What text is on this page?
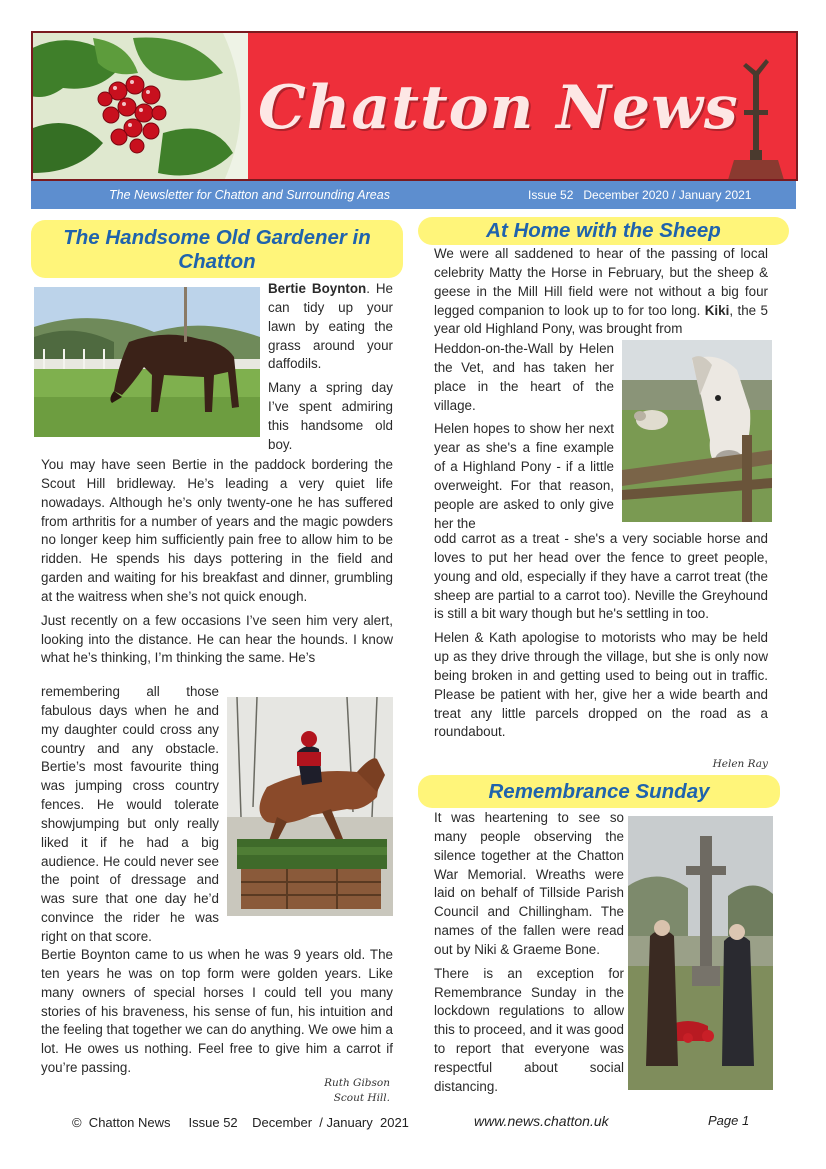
Chatton News
The Newsletter for Chatton and Surrounding Areas	Issue 52   December 2020 / January 2021
The Handsome Old Gardener in Chatton

Bertie Boynton. He can tidy up your lawn by eating the grass around your daffodils.

Many a spring day I’ve spent admiring this handsome old boy.

You may have seen Bertie in the paddock bordering the Scout Hill bridleway. He’s leading a very quiet life nowadays. Although he’s only twenty-one he has suffered from arthritis for a number of years and the magic powders no longer keep him sufficiently pain free to allow him to be ridden. He spends his days pottering in the field and garden and waiting for his breakfast and dinner, grumbling at the waitress when she’s not quick enough.

Just recently on a few occasions I’ve seen him very alert, looking into the distance. He can hear the hounds. I know what he’s thinking, I’m thinking the same. He’s

remembering all those fabulous days when he and my daughter could cross any country and any obstacle. Bertie’s most favourite thing was jumping cross country fences. He would tolerate showjumping but only really liked it if he had a big audience. He could never see the point of dressage and was sure that one day he’d convince the rider he was right on that score.
Bertie Boynton came to us when he was 9 years old. The ten years he was on top form were golden years. Like many owners of special horses I could tell you many stories of his braveness, his sense of fun, his intuition and the feeling that together we can do anything. We owe him a lot. He owes us nothing. Feel free to give him a carrot if you’re passing.
Ruth Gibson
Scout Hill.
At Home with the Sheep
We were all saddened to hear of the passing of local celebrity Matty the Horse in February, but the sheep & geese in the Mill Hill field were not without a big four legged companion to look up to for too long. Kiki, the 5 year old Highland Pony, was brought from

Heddon-on-the-Wall by Helen the Vet, and has taken her place in the heart of the village.

Helen hopes to show her next year as she's a fine example of a Highland Pony - if a little overweight. For that reason, people are asked to only give her the

odd carrot as a treat - she's a very sociable horse and loves to put her head over the fence to greet people, young and old, especially if they have a carrot treat (the sheep are partial to a carrot too). Neville the Greyhound is still a bit wary though but he's settling in too.

Helen & Kath apologise to motorists who may be held up as they drive through the village, but she is only now being broken in and getting used to being out in traffic. Please be patient with her, give her a wide bearth and treat any little parcels dropped on the road as a roundabout.

Helen Ray
Remembrance Sunday

It was heartening to see so many people observing the silence together at the Chatton War Memorial. Wreaths were laid on behalf of Tillside Parish Council and Chillingham. The names of the fallen were read out by Niki & Graeme Bone.

There is an exception for Remembrance Sunday in the lockdown regulations to allow this to proceed, and it was good to report that everyone was respectful about social distancing.

©  Chatton News     Issue 52    December  / January  2021	www.news.chatton.uk	Page 1
